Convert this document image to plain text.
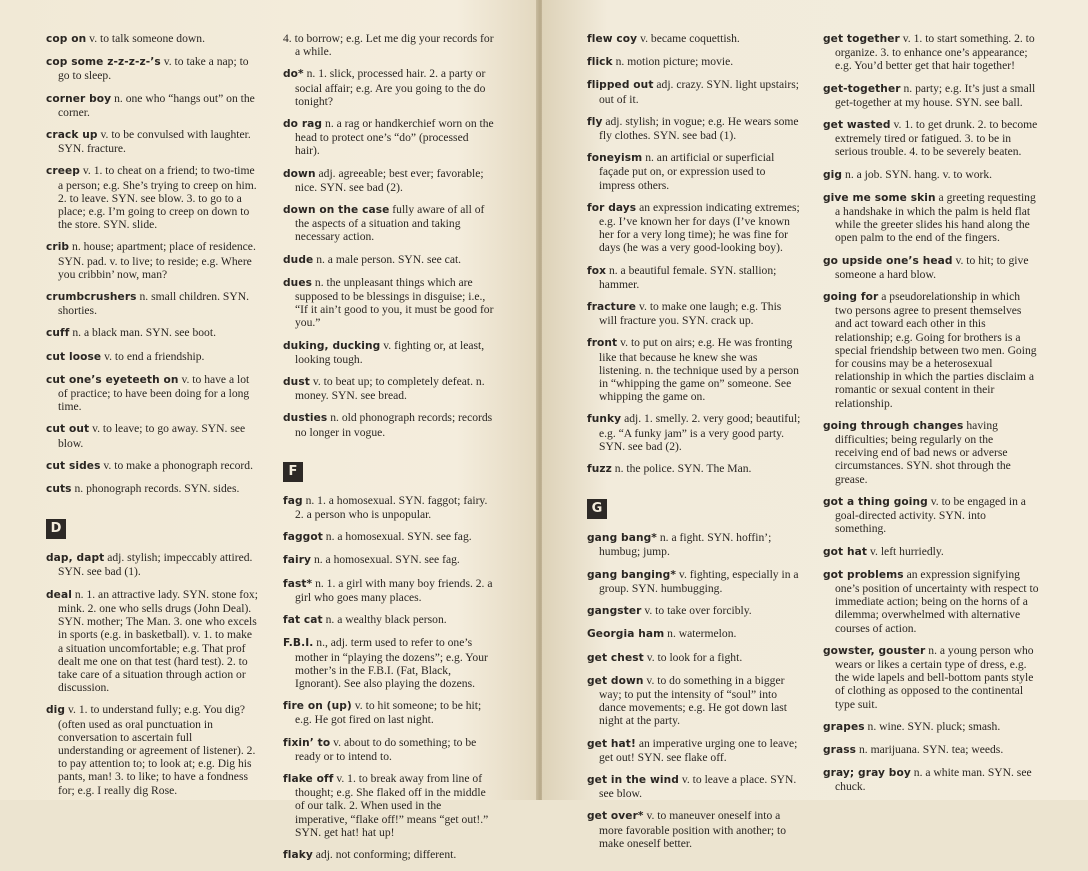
cop on v. to talk someone down.
cop some z-z-z-z-’s v. to take a nap; to go to sleep.
corner boy n. one who “hangs out” on the corner.
crack up v. to be convulsed with laughter. SYN. fracture.
creep v. 1. to cheat on a friend; to two-time a person; e.g. She’s trying to creep on him. 2. to leave. SYN. see blow. 3. to go to a place; e.g. I’m going to creep on down to the store. SYN. slide.
crib n. house; apartment; place of residence. SYN. pad. v. to live; to reside; e.g. Where you cribbin’ now, man?
crumbcrushers n. small children. SYN. shorties.
cuff n. a black man. SYN. see boot.
cut loose v. to end a friendship.
cut one’s eyeteeth on v. to have a lot of practice; to have been doing for a long time.
cut out v. to leave; to go away. SYN. see blow.
cut sides v. to make a phonograph record.
cuts n. phonograph records. SYN. sides.
D
dap, dapt adj. stylish; impeccably attired. SYN. see bad (1).
deal n. 1. an attractive lady. SYN. stone fox; mink. 2. one who sells drugs (John Deal). SYN. mother; The Man. 3. one who excels in sports (e.g. in basketball). v. 1. to make a situation uncomfortable; e.g. That prof dealt me one on that test (hard test). 2. to take care of a situation through action or discussion.
dig v. 1. to understand fully; e.g. You dig? (often used as oral punctuation in conversation to ascertain full understanding or agreement of listener). 2. to pay attention to; to look at; e.g. Dig his pants, man! 3. to like; to have a fondness for; e.g. I really dig Rose.
4. to borrow; e.g. Let me dig your records for a while.
do* n. 1. slick, processed hair. 2. a party or social affair; e.g. Are you going to the do tonight?
do rag n. a rag or handkerchief worn on the head to protect one’s “do” (processed hair).
down adj. agreeable; best ever; favorable; nice. SYN. see bad (2).
down on the case fully aware of all of the aspects of a situation and taking necessary action.
dude n. a male person. SYN. see cat.
dues n. the unpleasant things which are supposed to be blessings in disguise; i.e., “If it ain’t good to you, it must be good for you.”
duking, ducking v. fighting or, at least, looking tough.
dust v. to beat up; to completely defeat. n. money. SYN. see bread.
dusties n. old phonograph records; records no longer in vogue.
F
fag n. 1. a homosexual. SYN. faggot; fairy. 2. a person who is unpopular.
faggot n. a homosexual. SYN. see fag.
fairy n. a homosexual. SYN. see fag.
fast* n. 1. a girl with many boy friends. 2. a girl who goes many places.
fat cat n. a wealthy black person.
F.B.I. n., adj. term used to refer to one’s mother in “playing the dozens”; e.g. Your mother’s in the F.B.I. (Fat, Black, Ignorant). See also playing the dozens.
fire on (up) v. to hit someone; to be hit; e.g. He got fired on last night.
fixin’ to v. about to do something; to be ready or to intend to.
flake off v. 1. to break away from line of thought; e.g. She flaked off in the middle of our talk. 2. When used in the imperative, “flake off!” means “get out!.” SYN. get hat! hat up!
flaky adj. not conforming; different.
flew coy v. became coquettish.
flick n. motion picture; movie.
flipped out adj. crazy. SYN. light upstairs; out of it.
fly adj. stylish; in vogue; e.g. He wears some fly clothes. SYN. see bad (1).
foneyism n. an artificial or superficial façade put on, or expression used to impress others.
for days an expression indicating extremes; e.g. I’ve known her for days (I’ve known her for a very long time); he was fine for days (he was a very good-looking boy).
fox n. a beautiful female. SYN. stallion; hammer.
fracture v. to make one laugh; e.g. This will fracture you. SYN. crack up.
front v. to put on airs; e.g. He was fronting like that because he knew she was listening. n. the technique used by a person in “whipping the game on” someone. See whipping the game on.
funky adj. 1. smelly. 2. very good; beautiful; e.g. “A funky jam” is a very good party. SYN. see bad (2).
fuzz n. the police. SYN. The Man.
G
gang bang* n. a fight. SYN. hoffin’; humbug; jump.
gang banging* v. fighting, especially in a group. SYN. humbugging.
gangster v. to take over forcibly.
Georgia ham n. watermelon.
get chest v. to look for a fight.
get down v. to do something in a bigger way; to put the intensity of “soul” into dance movements; e.g. He got down last night at the party.
get hat! an imperative urging one to leave; get out! SYN. see flake off.
get in the wind v. to leave a place. SYN. see blow.
get over* v. to maneuver oneself into a more favorable position with another; to make oneself better.
get together v. 1. to start something. 2. to organize. 3. to enhance one’s appearance; e.g. You’d better get that hair together!
get-together n. party; e.g. It’s just a small get-together at my house. SYN. see ball.
get wasted v. 1. to get drunk. 2. to become extremely tired or fatigued. 3. to be in serious trouble. 4. to be severely beaten.
gig n. a job. SYN. hang. v. to work.
give me some skin a greeting requesting a handshake in which the palm is held flat while the greeter slides his hand along the open palm to the end of the fingers.
go upside one’s head v. to hit; to give someone a hard blow.
going for a pseudorelationship in which two persons agree to present themselves and act toward each other in this relationship; e.g. Going for brothers is a special friendship between two men. Going for cousins may be a heterosexual relationship in which the parties disclaim a romantic or sexual content in their relationship.
going through changes having difficulties; being regularly on the receiving end of bad news or adverse circumstances. SYN. shot through the grease.
got a thing going v. to be engaged in a goal-directed activity. SYN. into something.
got hat v. left hurriedly.
got problems an expression signifying one’s position of uncertainty with respect to immediate action; being on the horns of a dilemma; overwhelmed with alternative courses of action.
gowster, gouster n. a young person who wears or likes a certain type of dress, e.g. the wide lapels and bell-bottom pants style of clothing as opposed to the continental type suit.
grapes n. wine. SYN. pluck; smash.
grass n. marijuana. SYN. tea; weeds.
gray; gray boy n. a white man. SYN. see chuck.
